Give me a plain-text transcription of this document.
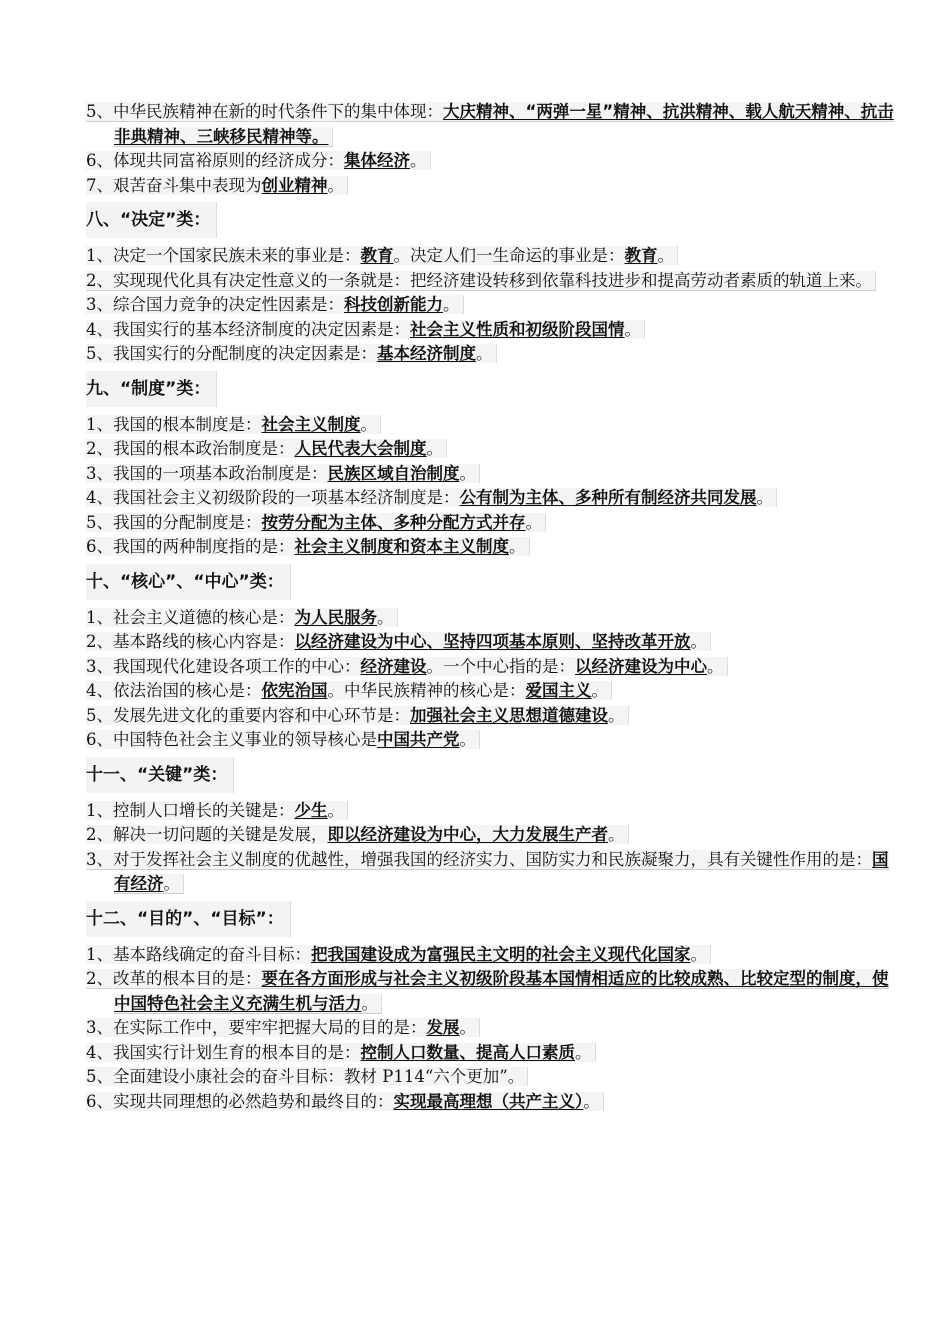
5、中华民族精神在新的时代条件下的集中体现：大庆精神、“两弹一星”精神、抗洪精神、载人航天精神、抗击非典精神、三峡移民精神等。
6、体现共同富裕原则的经济成分：集体经济。
7、艰苦奋斗集中表现为创业精神。
八、“决定”类：
1、决定一个国家民族未来的事业是：教育。决定人们一生命运的事业是：教育。
2、实现现代化具有决定性意义的一条就是：把经济建设转移到依靠科技进步和提高劳动者素质的轨道上来。
3、综合国力竞争的决定性因素是：科技创新能力。
4、我国实行的基本经济制度的决定因素是：社会主义性质和初级阶段国情。
5、我国实行的分配制度的决定因素是：基本经济制度。
九、“制度”类：
1、我国的根本制度是：社会主义制度。
2、我国的根本政治制度是：人民代表大会制度。
3、我国的一项基本政治制度是：民族区域自治制度。
4、我国社会主义初级阶段的一项基本经济制度是：公有制为主体、多种所有制经济共同发展。
5、我国的分配制度是：按劳分配为主体、多种分配方式并存。
6、我国的两种制度指的是：社会主义制度和资本主义制度。
十、“核心”、“中心”类：
1、社会主义道德的核心是：为人民服务。
2、基本路线的核心内容是：以经济建设为中心、坚持四项基本原则、坚持改革开放。
3、我国现代化建设各项工作的中心：经济建设。一个中心指的是：以经济建设为中心。
4、依法治国的核心是：依宪治国。中华民族精神的核心是：爱国主义。
5、发展先进文化的重要内容和中心环节是：加强社会主义思想道德建设。
6、中国特色社会主义事业的领导核心是中国共产党。
十一、“关键”类：
1、控制人口增长的关键是：少生。
2、解决一切问题的关键是发展，即以经济建设为中心，大力发展生产者。
3、对于发挥社会主义制度的优越性，增强我国的经济实力、国防实力和民族凝聚力，具有关键性作用的是：国有经济。
十二、“目的”、“目标”：
1、基本路线确定的奋斗目标：把我国建设成为富强民主文明的社会主义现代化国家。
2、改革的根本目的是：要在各方面形成与社会主义初级阶段基本国情相适应的比较成熟、比较定型的制度，使中国特色社会主义充满生机与活力。
3、在实际工作中，要牢牢把握大局的目的是：发展。
4、我国实行计划生育的根本目的是：控制人口数量、提高人口素质。
5、全面建设小康社会的奋斗目标：教材 P114“六个更加”。
6、实现共同理想的必然趋势和最终目的：实现最高理想（共产主义）。
